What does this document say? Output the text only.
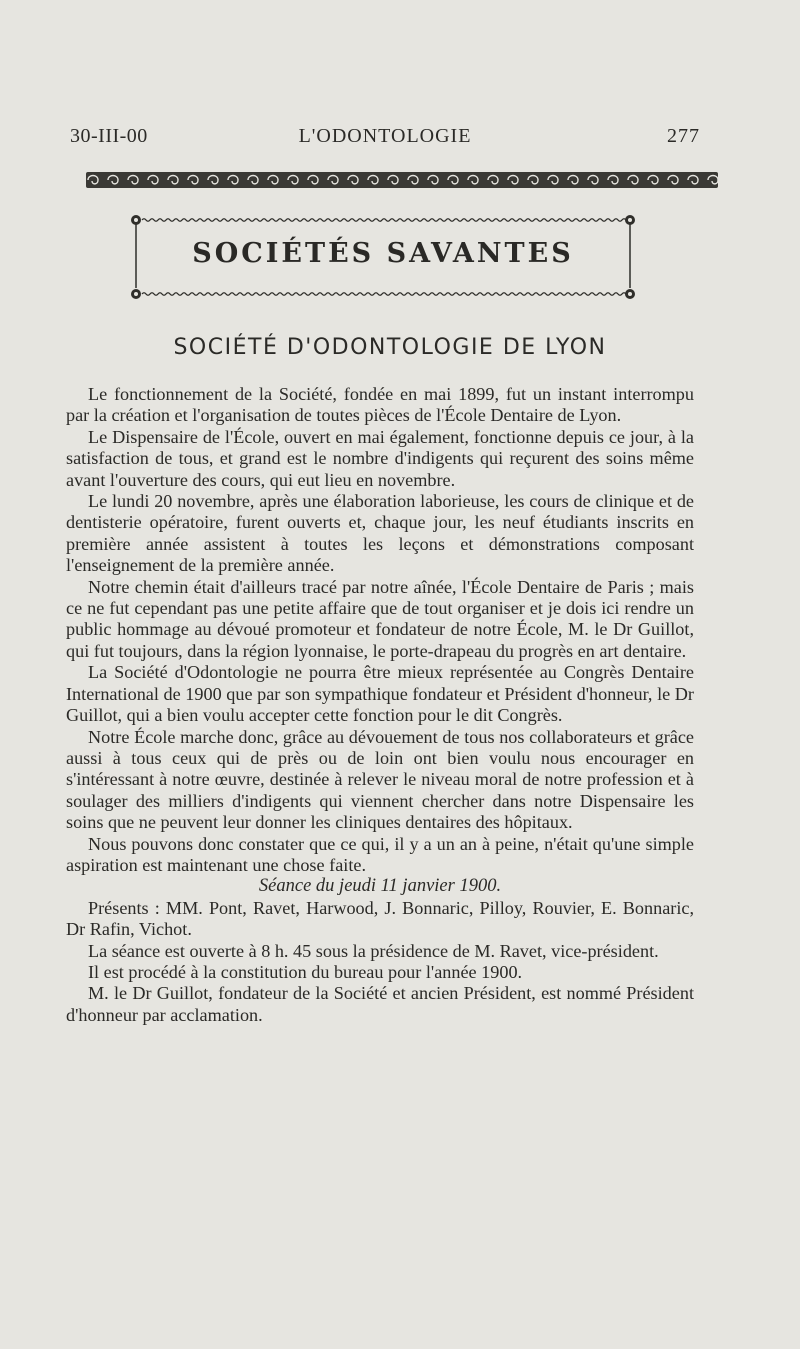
30-III-00	L'ODONTOLOGIE	277
SOCIÉTÉS SAVANTES
SOCIÉTÉ D'ODONTOLOGIE DE LYON

Le fonctionnement de la Société, fondée en mai 1899, fut un instant interrompu par la création et l'organisation de toutes pièces de l'École Dentaire de Lyon.

Le Dispensaire de l'École, ouvert en mai également, fonctionne depuis ce jour, à la satisfaction de tous, et grand est le nombre d'indigents qui reçurent des soins même avant l'ouverture des cours, qui eut lieu en novembre.

Le lundi 20 novembre, après une élaboration laborieuse, les cours de clinique et de dentisterie opératoire, furent ouverts et, chaque jour, les neuf étudiants inscrits en première année assistent à toutes les leçons et démonstrations composant l'enseignement de la première année.

Notre chemin était d'ailleurs tracé par notre aînée, l'École Dentaire de Paris ; mais ce ne fut cependant pas une petite affaire que de tout organiser et je dois ici rendre un public hommage au dévoué promoteur et fondateur de notre École, M. le Dr Guillot, qui fut toujours, dans la région lyonnaise, le porte-drapeau du progrès en art dentaire.

La Société d'Odontologie ne pourra être mieux représentée au Congrès Dentaire International de 1900 que par son sympathique fondateur et Président d'honneur, le Dr Guillot, qui a bien voulu accepter cette fonction pour le dit Congrès.

Notre École marche donc, grâce au dévouement de tous nos collaborateurs et grâce aussi à tous ceux qui de près ou de loin ont bien voulu nous encourager en s'intéressant à notre œuvre, destinée à relever le niveau moral de notre profession et à soulager des milliers d'indigents qui viennent chercher dans notre Dispensaire les soins que ne peuvent leur donner les cliniques dentaires des hôpitaux.

Nous pouvons donc constater que ce qui, il y a un an à peine, n'était qu'une simple aspiration est maintenant une chose faite.

Séance du jeudi 11 janvier 1900.

Présents : MM. Pont, Ravet, Harwood, J. Bonnaric, Pilloy, Rouvier, E. Bonnaric, Dr Rafin, Vichot.

La séance est ouverte à 8 h. 45 sous la présidence de M. Ravet, vice-président.

Il est procédé à la constitution du bureau pour l'année 1900.

M. le Dr Guillot, fondateur de la Société et ancien Président, est nommé Président d'honneur par acclamation.
